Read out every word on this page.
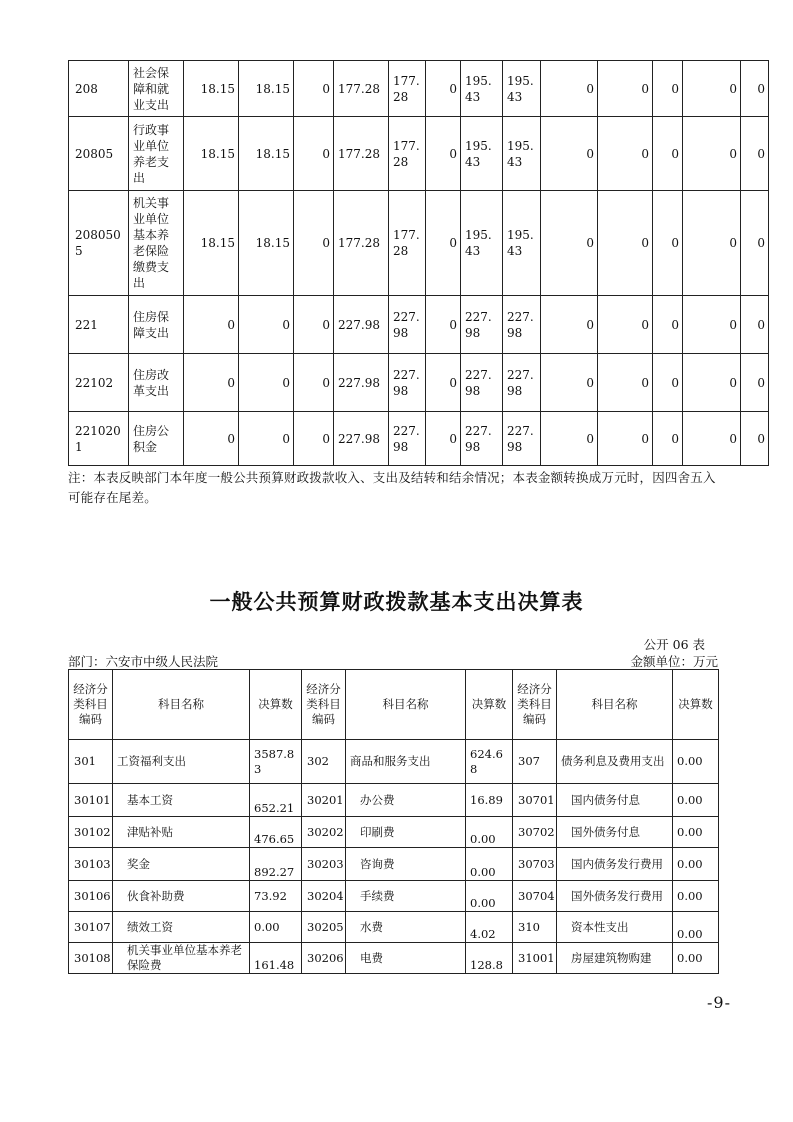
208	社会保障和就业支出	18.15	18.15	0	177.28	177.28	0	195.43	195.43	0	0	0	0	0
20805	行政事业单位养老支出	18.15	18.15	0	177.28	177.28	0	195.43	195.43	0	0	0	0	0
2080505	机关事业单位基本养老保险缴费支出	18.15	18.15	0	177.28	177.28	0	195.43	195.43	0	0	0	0	0
221	住房保障支出	0	0	0	227.98	227.98	0	227.98	227.98	0	0	0	0	0
22102	住房改革支出	0	0	0	227.98	227.98	0	227.98	227.98	0	0	0	0	0
2210201	住房公积金	0	0	0	227.98	227.98	0	227.98	227.98	0	0	0	0	0
注：本表反映部门本年度一般公共预算财政拨款收入、支出及结转和结余情况；本表金额转换成万元时，因四舍五入可能存在尾差。
一般公共预算财政拨款基本支出决算表
公开 06 表
部门：六安市中级人民法院	金额单位：万元
经济分类科目编码	科目名称	决算数	经济分类科目编码	科目名称	决算数	经济分类科目编码	科目名称	决算数
301	工资福利支出	3587.83	302	商品和服务支出	624.68	307	债务利息及费用支出	0.00
30101	基本工资	652.21	30201	办公费	16.89	30701	国内债务付息	0.00
30102	津贴补贴	476.65	30202	印刷费	0.00	30702	国外债务付息	0.00
30103	奖金	892.27	30203	咨询费	0.00	30703	国内债务发行费用	0.00
30106	伙食补助费	73.92	30204	手续费	0.00	30704	国外债务发行费用	0.00
30107	绩效工资	0.00	30205	水费	4.02	310	资本性支出	0.00
30108	机关事业单位基本养老保险费	161.48	30206	电费	128.8	31001	房屋建筑物购建	0.00
-9-
